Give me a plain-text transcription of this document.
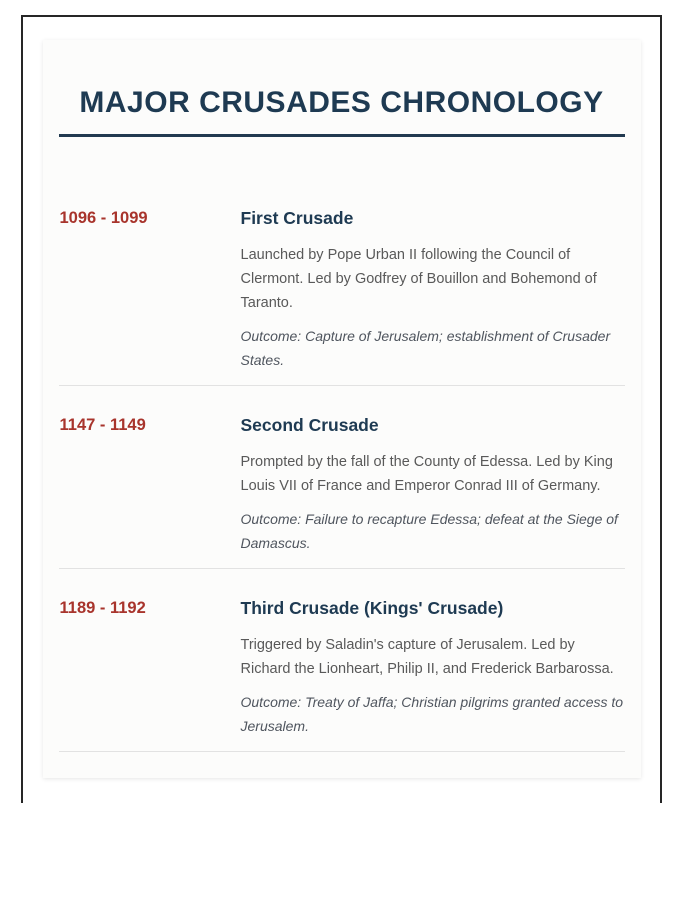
MAJOR CRUSADES CHRONOLOGY
1096 - 1099	First Crusade

Launched by Pope Urban II following the Council of Clermont. Led by Godfrey of Bouillon and Bohemond of Taranto.

Outcome: Capture of Jerusalem; establishment of Crusader States.

1147 - 1149	Second Crusade

Prompted by the fall of the County of Edessa. Led by King Louis VII of France and Emperor Conrad III of Germany.

Outcome: Failure to recapture Edessa; defeat at the Siege of Damascus.

1189 - 1192	Third Crusade (Kings' Crusade)

Triggered by Saladin's capture of Jerusalem. Led by Richard the Lionheart, Philip II, and Frederick Barbarossa.

Outcome: Treaty of Jaffa; Christian pilgrims granted access to Jerusalem.
